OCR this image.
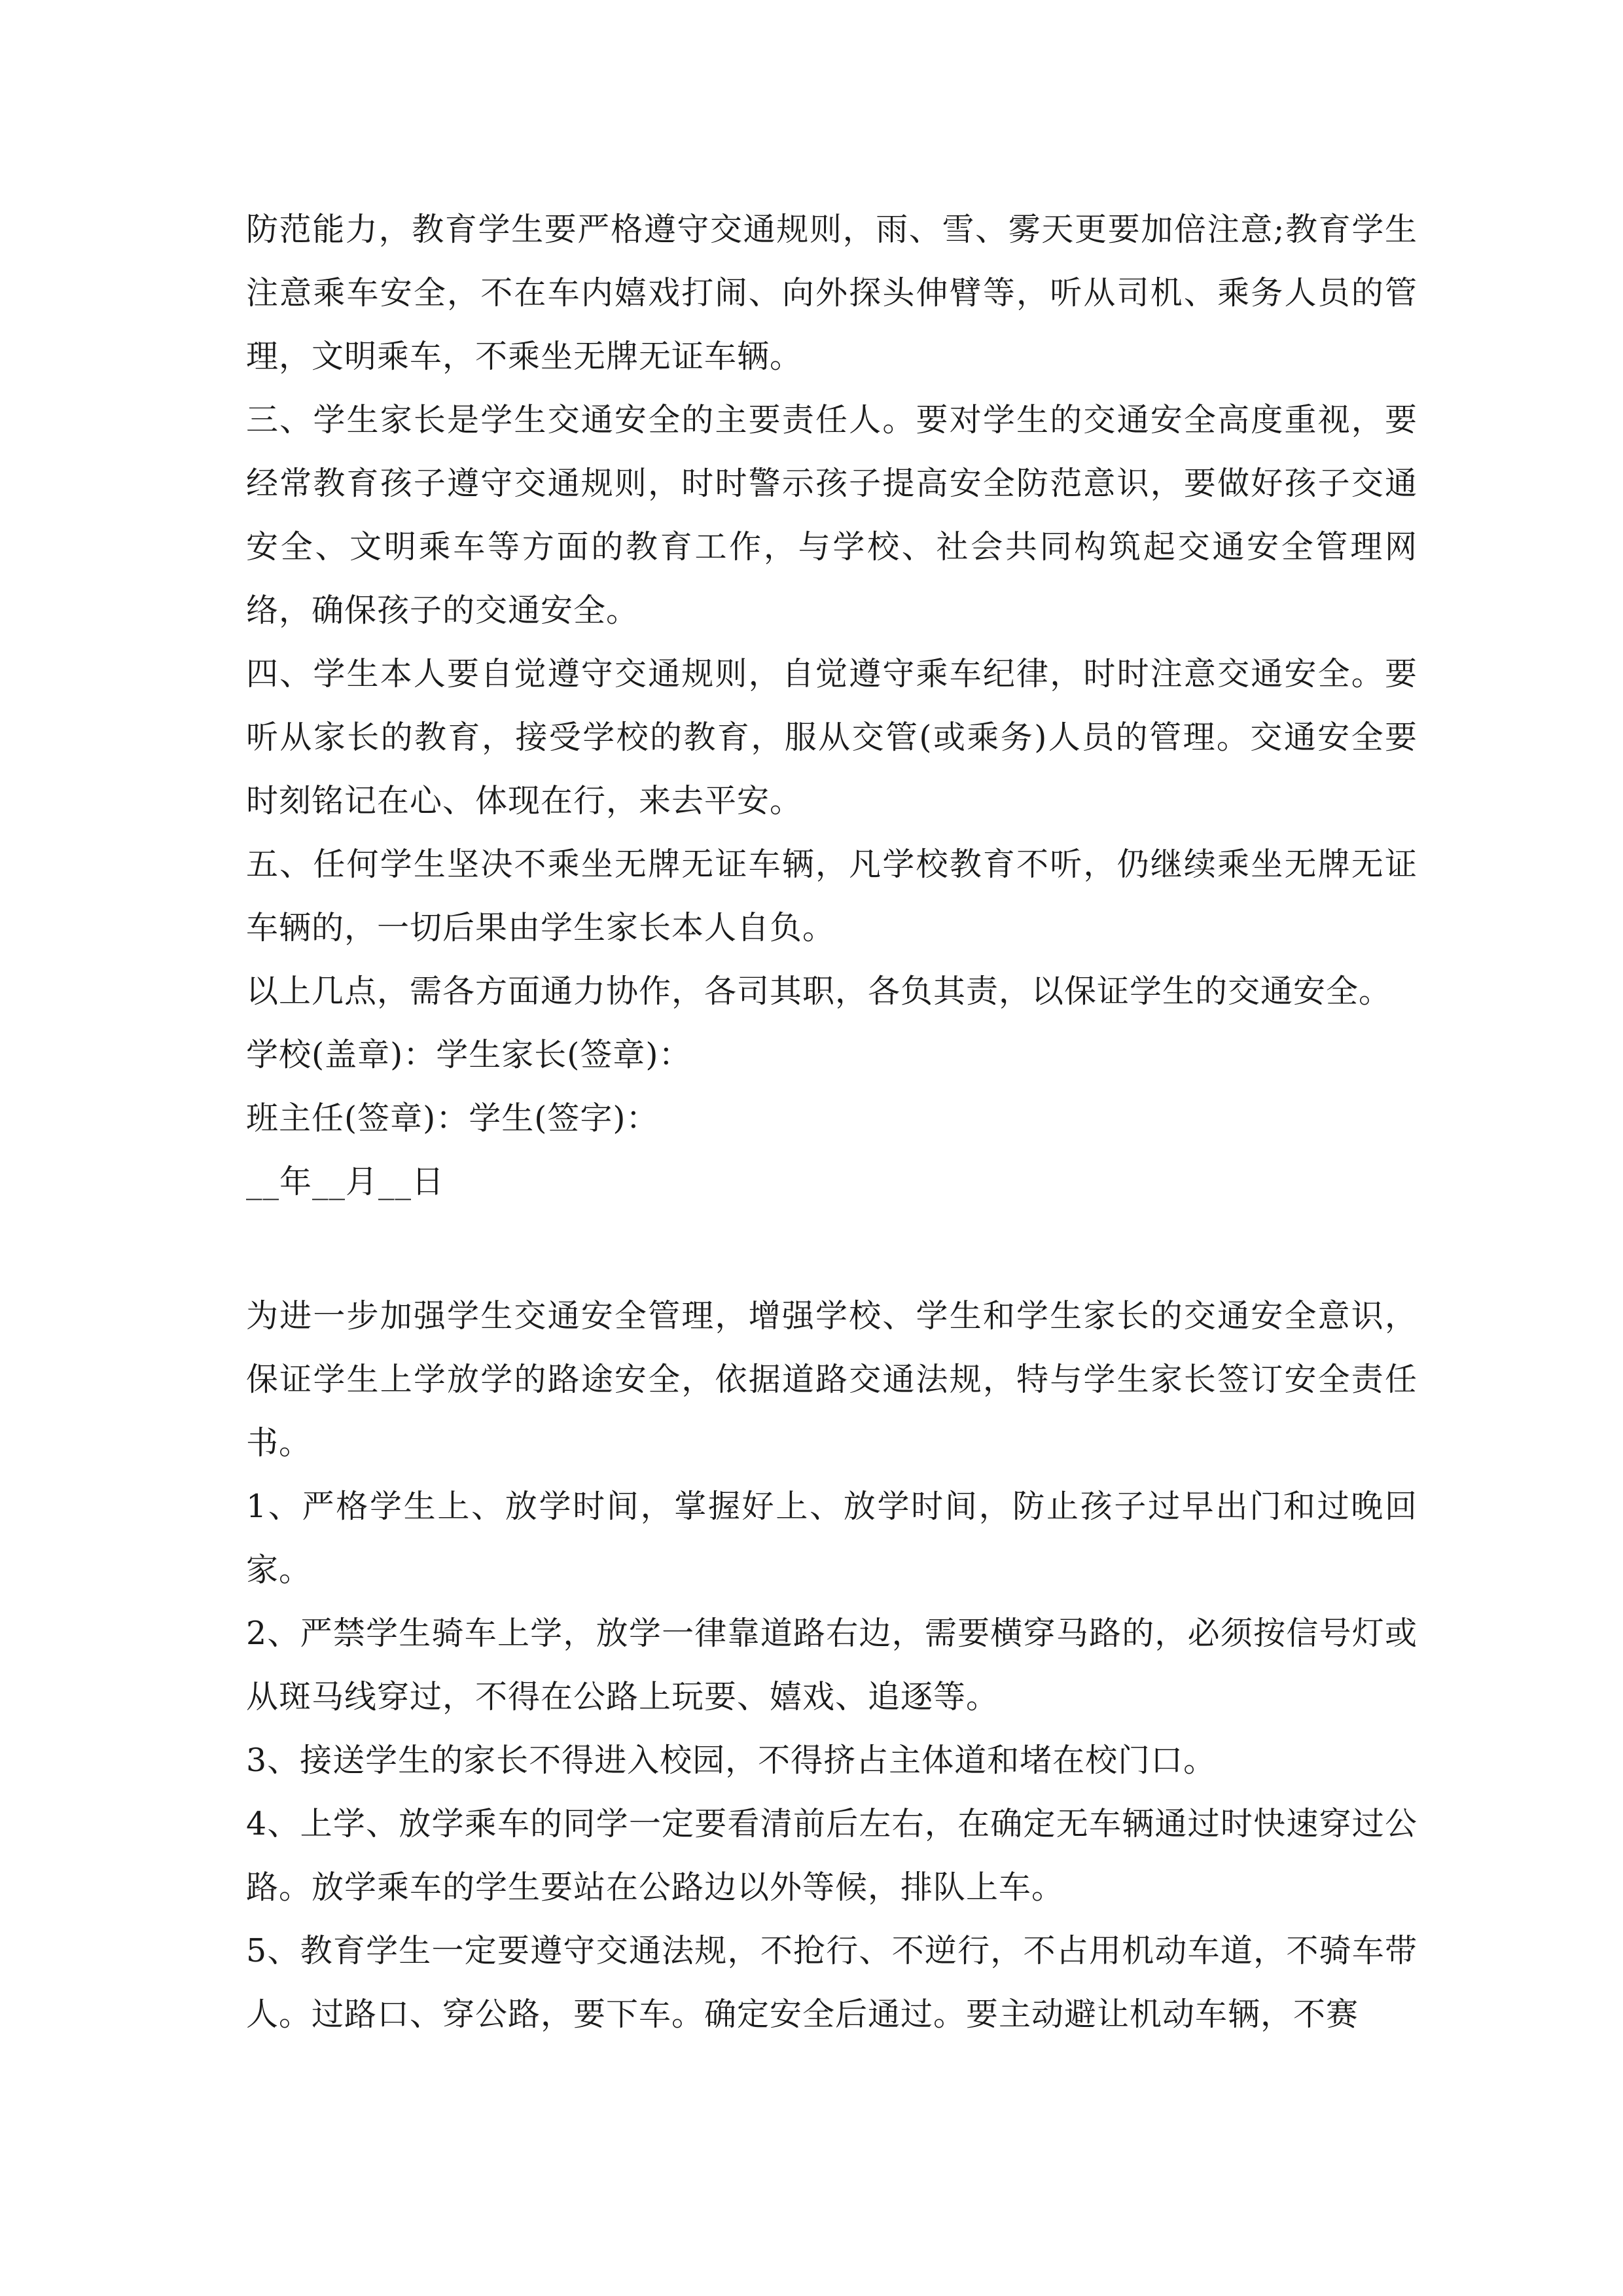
防范能力，教育学生要严格遵守交通规则，雨、雪、雾天更要加倍注意;教育学生注意乘车安全，不在车内嬉戏打闹、向外探头伸臂等，听从司机、乘务人员的管理，文明乘车，不乘坐无牌无证车辆。

三、学生家长是学生交通安全的主要责任人。要对学生的交通安全高度重视，要经常教育孩子遵守交通规则，时时警示孩子提高安全防范意识，要做好孩子交通安全、文明乘车等方面的教育工作，与学校、社会共同构筑起交通安全管理网络，确保孩子的交通安全。

四、学生本人要自觉遵守交通规则，自觉遵守乘车纪律，时时注意交通安全。要听从家长的教育，接受学校的教育，服从交管(或乘务)人员的管理。交通安全要时刻铭记在心、体现在行，来去平安。

五、任何学生坚决不乘坐无牌无证车辆，凡学校教育不听，仍继续乘坐无牌无证车辆的，一切后果由学生家长本人自负。

以上几点，需各方面通力协作，各司其职，各负其责，以保证学生的交通安全。

学校(盖章)：学生家长(签章)：

班主任(签章)：学生(签字)：

__年__月__日

为进一步加强学生交通安全管理，增强学校、学生和学生家长的交通安全意识，保证学生上学放学的路途安全，依据道路交通法规，特与学生家长签订安全责任书。

1、严格学生上、放学时间，掌握好上、放学时间，防止孩子过早出门和过晚回家。

2、严禁学生骑车上学，放学一律靠道路右边，需要横穿马路的，必须按信号灯或从斑马线穿过，不得在公路上玩要、嬉戏、追逐等。

3、接送学生的家长不得进入校园，不得挤占主体道和堵在校门口。

4、上学、放学乘车的同学一定要看清前后左右，在确定无车辆通过时快速穿过公路。放学乘车的学生要站在公路边以外等候，排队上车。

5、教育学生一定要遵守交通法规，不抢行、不逆行，不占用机动车道，不骑车带人。过路口、穿公路，要下车。确定安全后通过。要主动避让机动车辆，不赛
